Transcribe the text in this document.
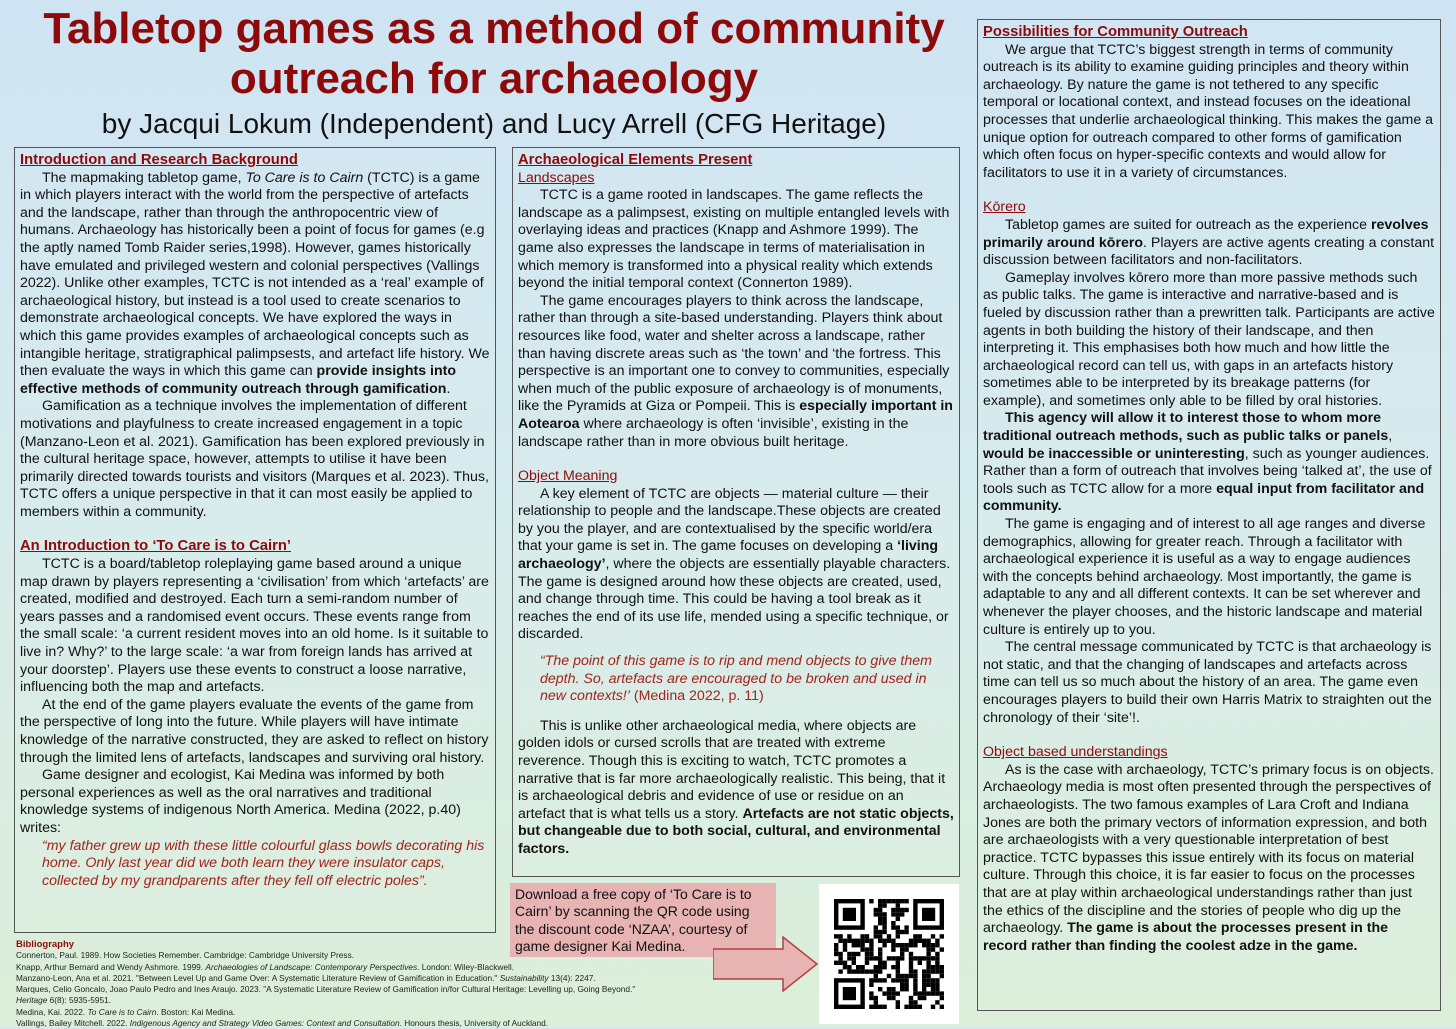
Tabletop games as a method of community outreach for archaeology
by Jacqui Lokum (Independent) and Lucy Arrell (CFG Heritage)
Introduction and Research Background

The mapmaking tabletop game, To Care is to Cairn (TCTC) is a game in which players interact with the world from the perspective of artefacts and the landscape, rather than through the anthropocentric view of humans. Archaeology has historically been a point of focus for games (e.g the aptly named Tomb Raider series,1998). However, games historically have emulated and privileged western and colonial perspectives (Vallings 2022). Unlike other examples, TCTC is not intended as a ‘real’ example of archaeological history, but instead is a tool used to create scenarios to demonstrate archaeological concepts. We have explored the ways in which this game provides examples of archaeological concepts such as intangible heritage, stratigraphical palimpsests, and artefact life history. We then evaluate the ways in which this game can provide insights into effective methods of community outreach through gamification.

Gamification as a technique involves the implementation of different motivations and playfulness to create increased engagement in a topic (Manzano-Leon et al. 2021). Gamification has been explored previously in the cultural heritage space, however, attempts to utilise it have been primarily directed towards tourists and visitors (Marques et al. 2023). Thus, TCTC offers a unique perspective in that it can most easily be applied to members within a community.

An Introduction to ‘To Care is to Cairn’

TCTC is a board/tabletop roleplaying game based around a unique map drawn by players representing a ‘civilisation’ from which ‘artefacts’ are created, modified and destroyed. Each turn a semi-random number of years passes and a randomised event occurs. These events range from the small scale: ‘a current resident moves into an old home. Is it suitable to live in? Why?’ to the large scale: ‘a war from foreign lands has arrived at your doorstep’. Players use these events to construct a loose narrative, influencing both the map and artefacts.

At the end of the game players evaluate the events of the game from the perspective of long into the future. While players will have intimate knowledge of the narrative constructed, they are asked to reflect on history through the limited lens of artefacts, landscapes and surviving oral history.

Game designer and ecologist, Kai Medina was informed by both personal experiences as well as the oral narratives and traditional knowledge systems of indigenous North America. Medina (2022, p.40) writes:

“my father grew up with these little colourful glass bowls decorating his home. Only last year did we both learn they were insulator caps, collected by my grandparents after they fell off electric poles”.
Archaeological Elements Present
Landscapes

TCTC is a game rooted in landscapes. The game reflects the landscape as a palimpsest, existing on multiple entangled levels with overlaying ideas and practices (Knapp and Ashmore 1999). The game also expresses the landscape in terms of materialisation in which memory is transformed into a physical reality which extends beyond the initial temporal context (Connerton 1989).

The game encourages players to think across the landscape, rather than through a site-based understanding. Players think about resources like food, water and shelter across a landscape, rather than having discrete areas such as ‘the town’ and ‘the fortress. This perspective is an important one to convey to communities, especially when much of the public exposure of archaeology is of monuments, like the Pyramids at Giza or Pompeii. This is especially important in Aotearoa where archaeology is often ‘invisible’, existing in the landscape rather than in more obvious built heritage.

Object Meaning

A key element of TCTC are objects — material culture — their relationship to people and the landscape.These objects are created by you the player, and are contextualised by the specific world/era that your game is set in. The game focuses on developing a ‘living archaeology’, where the objects are essentially playable characters. The game is designed around how these objects are created, used, and change through time. This could be having a tool break as it reaches the end of its use life, mended using a specific technique, or discarded.

“The point of this game is to rip and mend objects to give them depth. So, artefacts are encouraged to be broken and used in new contexts!’ (Medina 2022, p. 11)

This is unlike other archaeological media, where objects are golden idols or cursed scrolls that are treated with extreme reverence. Though this is exciting to watch, TCTC promotes a narrative that is far more archaeologically realistic. This being, that it is archaeological debris and evidence of use or residue on an artefact that is what tells us a story. Artefacts are not static objects, but changeable due to both social, cultural, and environmental factors.

Possibilities for Community Outreach

We argue that TCTC’s biggest strength in terms of community outreach is its ability to examine guiding principles and theory within archaeology. By nature the game is not tethered to any specific temporal or locational context, and instead focuses on the ideational processes that underlie archaeological thinking. This makes the game a unique option for outreach compared to other forms of gamification which often focus on hyper-specific contexts and would allow for facilitators to use it in a variety of circumstances.

Kōrero

Tabletop games are suited for outreach as the experience revolves primarily around kōrero. Players are active agents creating a constant discussion between facilitators and non-facilitators.

Gameplay involves kōrero more than more passive methods such as public talks. The game is interactive and narrative-based and is fueled by discussion rather than a prewritten talk. Participants are active agents in both building the history of their landscape, and then interpreting it. This emphasises both how much and how little the archaeological record can tell us, with gaps in an artefacts history sometimes able to be interpreted by its breakage patterns (for example), and sometimes only able to be filled by oral histories.

This agency will allow it to interest those to whom more traditional outreach methods, such as public talks or panels, would be inaccessible or uninteresting, such as younger audiences. Rather than a form of outreach that involves being ‘talked at’, the use of tools such as TCTC allow for a more equal input from facilitator and community.

The game is engaging and of interest to all age ranges and diverse demographics, allowing for greater reach. Through a facilitator with archaeological experience it is useful as a way to engage audiences with the concepts behind archaeology. Most importantly, the game is adaptable to any and all different contexts. It can be set wherever and whenever the player chooses, and the historic landscape and material culture is entirely up to you.

The central message communicated by TCTC is that archaeology is not static, and that the changing of landscapes and artefacts across time can tell us so much about the history of an area. The game even encourages players to build their own Harris Matrix to straighten out the chronology of their ‘site’!.

Object based understandings

As is the case with archaeology, TCTC’s primary focus is on objects. Archaeology media is most often presented through the perspectives of archaeologists. The two famous examples of Lara Croft and Indiana Jones are both the primary vectors of information expression, and both are archaeologists with a very questionable interpretation of best practice. TCTC bypasses this issue entirely with its focus on material culture. Through this choice, it is far easier to focus on the processes that are at play within archaeological understandings rather than just the ethics of the discipline and the stories of people who dig up the archaeology. The game is about the processes present in the record rather than finding the coolest adze in the game.

Bibliography
Connerton, Paul. 1989. How Societies Remember. Cambridge: Cambridge University Press.
Knapp, Arthur Bernard and Wendy Ashmore. 1999. Archaeologies of Landscape: Contemporary Perspectives. London: Wiley-Blackwell.
Manzano-Leon, Ana et al. 2021. "Between Level Up and Game Over: A Systematic Literature Review of Gamification in Education." Sustainability 13(4): 2247.
Marques, Celio Goncalo, Joao Paulo Pedro and Ines Araujo. 2023. "A Systematic Literature Review of Gamification in/for Cultural Heritage: Levelling up, Going Beyond." Heritage 6(8): 5935-5951.
Medina, Kai. 2022. To Care is to Cairn. Boston: Kai Medina.
Vallings, Bailey Mitchell. 2022. Indigenous Agency and Strategy Video Games: Context and Consultation. Honours thesis, University of Auckland.
Download a free copy of ‘To Care is to Cairn’ by scanning the QR code using the discount code ‘NZAA’, courtesy of game designer Kai Medina.
